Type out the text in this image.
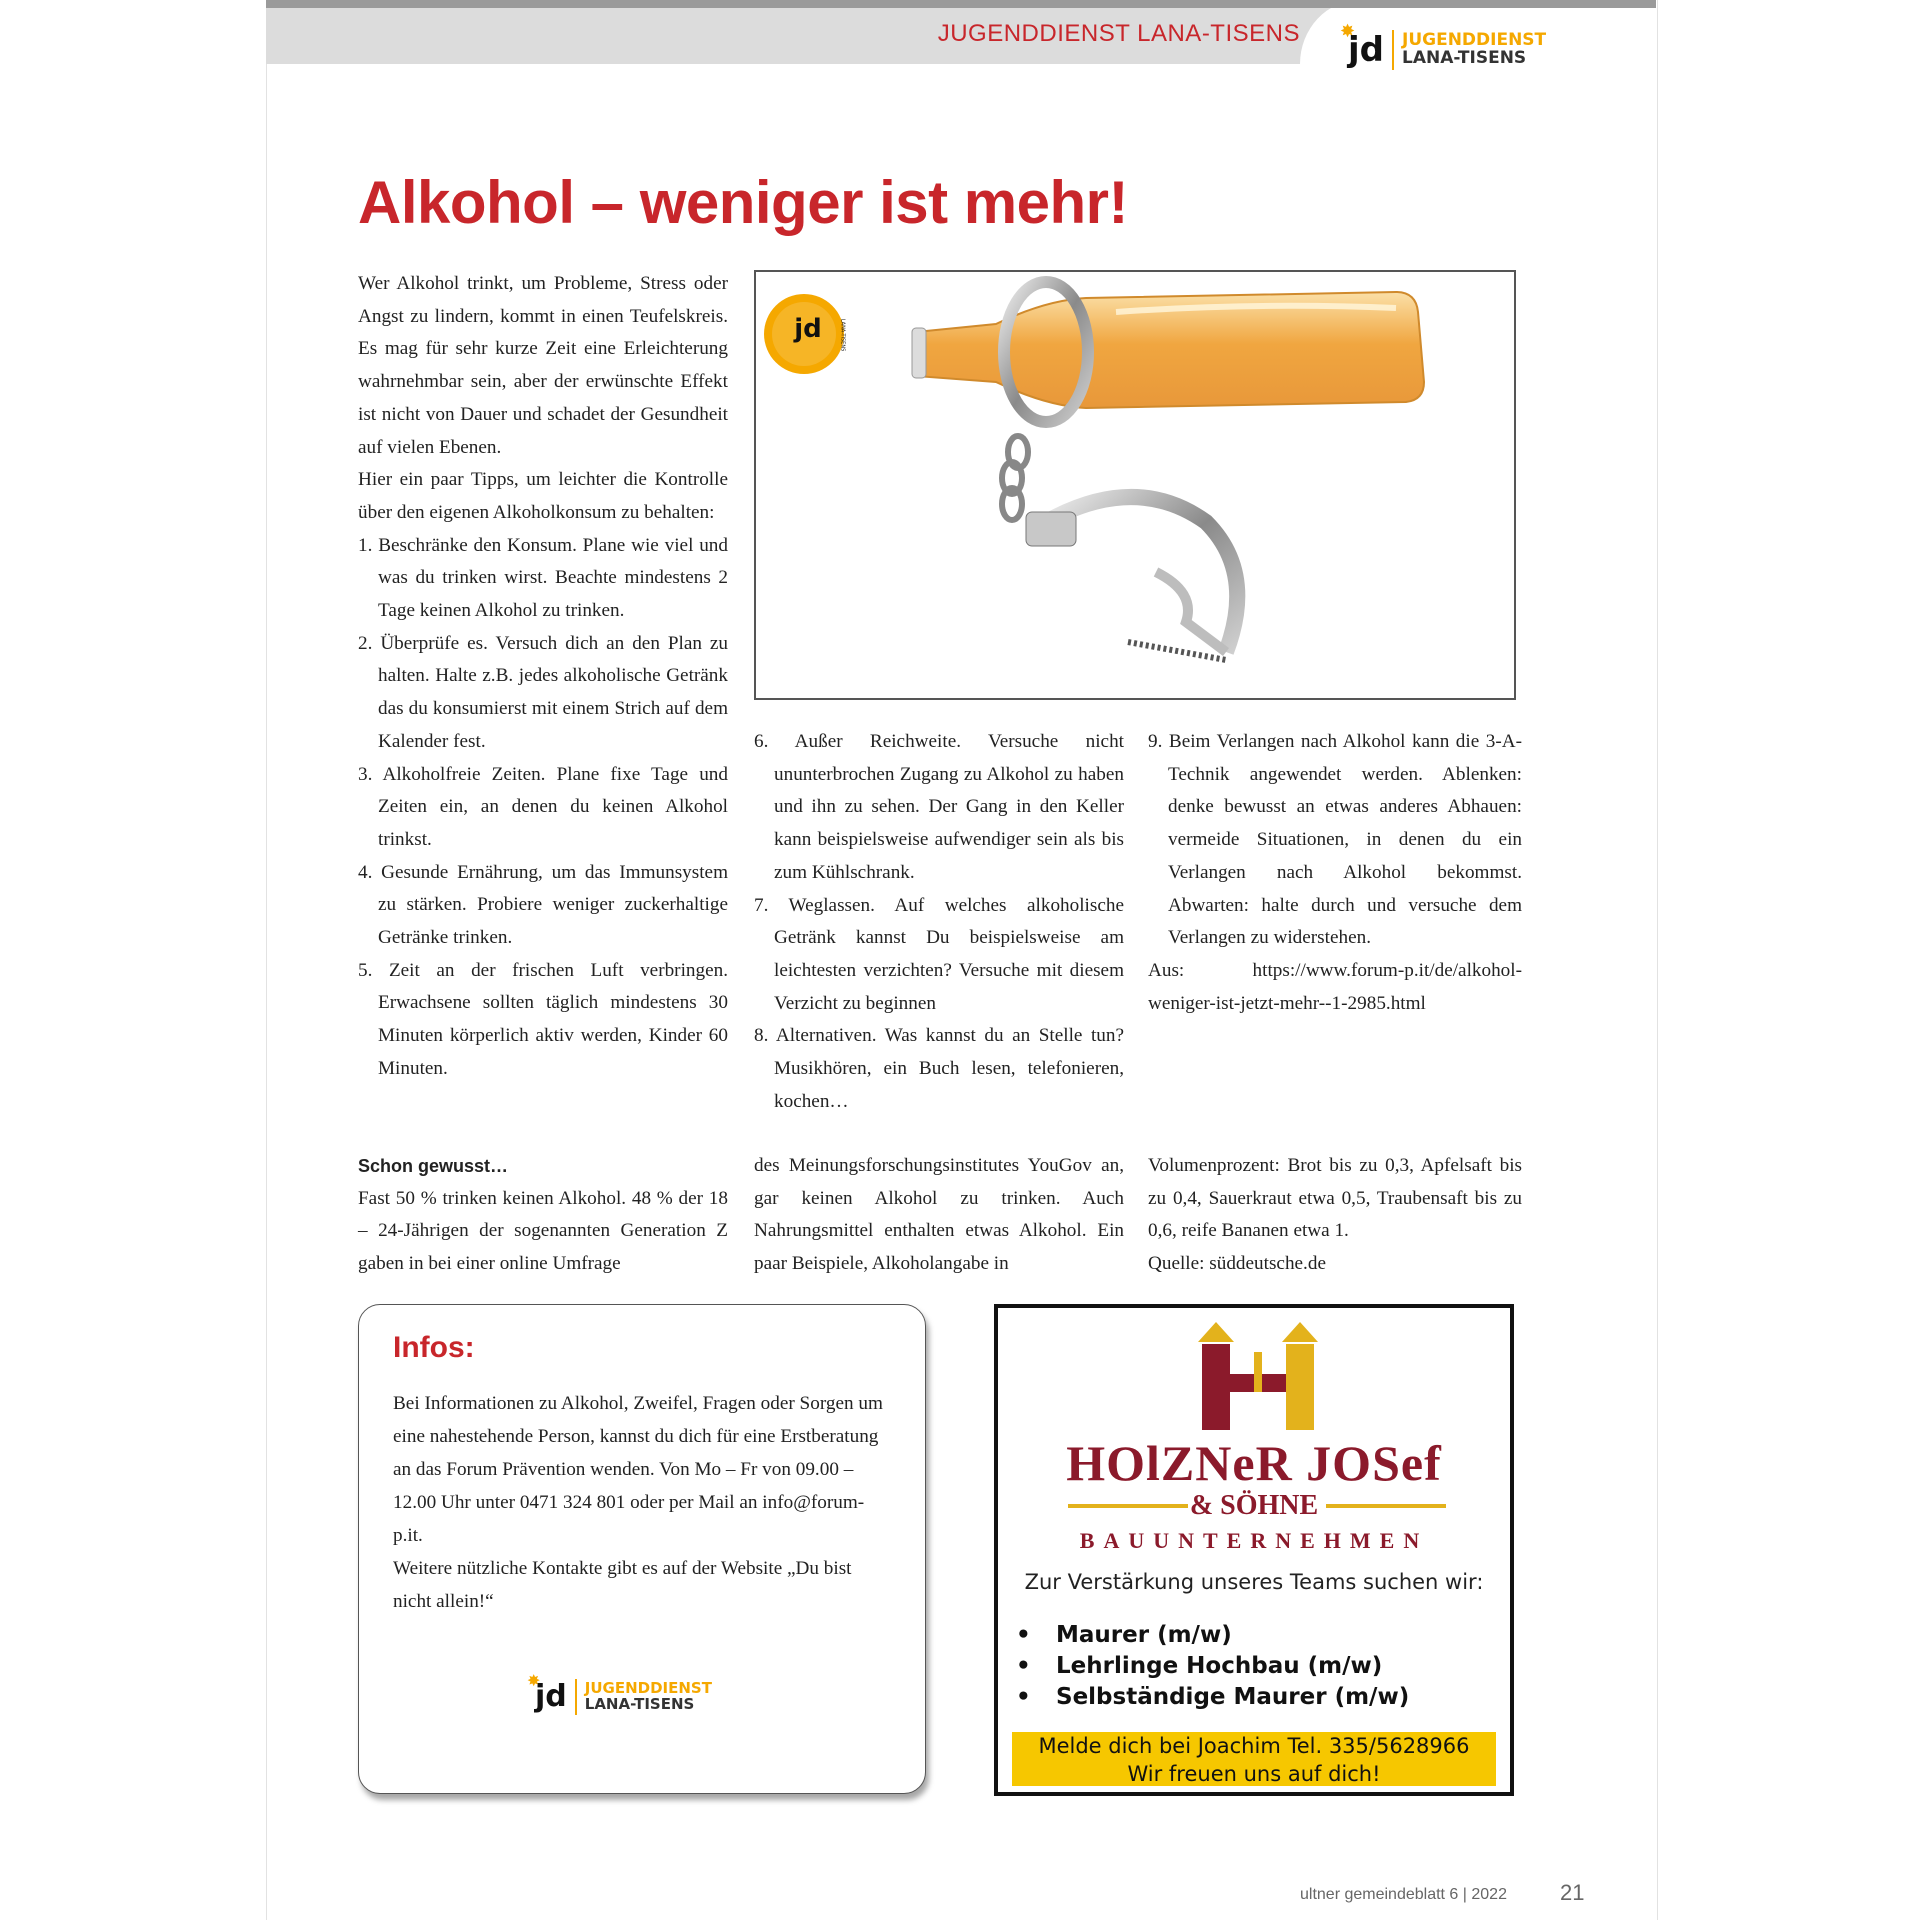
JUGENDDIENST LANA-TISENS ✸
jd JUGENDDIENST
LANA-TISENS
Alkohol – weniger ist mehr!

Wer Alkohol trinkt, um Probleme, Stress oder Angst zu lindern, kommt in einen Teufelskreis. Es mag für sehr kurze Zeit eine Erleichterung wahrnehmbar sein, aber der erwünschte Effekt ist nicht von Dauer und schadet der Gesundheit auf vielen Ebenen.

Hier ein paar Tipps, um leichter die Kontrolle über den eigenen Alkoholkonsum zu behalten:

1. Beschränke den Konsum. Plane wie viel und was du trinken wirst. Beachte mindestens 2 Tage keinen Alkohol zu trinken.

2. Überprüfe es. Versuch dich an den Plan zu halten. Halte z.B. jedes alkoholische Getränk das du konsumierst mit einem Strich auf dem Kalender fest.

3. Alkoholfreie Zeiten. Plane fixe Tage und Zeiten ein, an denen du keinen Alkohol trinkst.

4. Gesunde Ernährung, um das Immunsystem zu stärken. Probiere weniger zuckerhaltige Getränke trinken.

5. Zeit an der frischen Luft verbringen. Erwachsene sollten täglich mindestens 30 Minuten körperlich aktiv werden, Kinder 60 Minuten.

jd	LANA-TISENS

6. Außer Reichweite. Versuche nicht ununterbrochen Zugang zu Alkohol zu haben und ihn zu sehen. Der Gang in den Keller kann beispielsweise aufwendiger sein als bis zum Kühlschrank.

7. Weglassen. Auf welches alkoholische Getränk kannst Du beispielsweise am leichtesten verzichten? Versuche mit diesem Verzicht zu beginnen

8. Alternativen. Was kannst du an Stelle tun? Musikhören, ein Buch lesen, telefonieren, kochen…

9. Beim Verlangen nach Alkohol kann die 3-A-Technik angewendet werden. Ablenken: denke bewusst an etwas anderes Abhauen: vermeide Situationen, in denen du ein Verlangen nach Alkohol bekommst. Abwarten: halte durch und versuche dem Verlangen zu widerstehen.

Aus: https://www.forum-p.it/de/alkohol-weniger-ist-jetzt-mehr--1-2985.html

Schon gewusst…

Fast 50 % trinken keinen Alkohol. 48 % der 18 – 24-Jährigen der sogenannten Generation Z gaben in bei einer online Umfrage

des Meinungsforschungsinstitutes YouGov an, gar keinen Alkohol zu trinken. Auch Nahrungsmittel enthalten etwas Alkohol. Ein paar Beispiele, Alkoholangabe in

Volumenprozent: Brot bis zu 0,3, Apfelsaft bis zu 0,4, Sauerkraut etwa 0,5, Traubensaft bis zu 0,6, reife Bananen etwa 1.

Quelle: süddeutsche.de

Infos:
Bei Informationen zu Alkohol, Zweifel, Fragen oder Sorgen um eine nahestehende Person, kannst du dich für eine Erstberatung an das Forum Prävention wenden. Von Mo – Fr von 09.00 – 12.00 Uhr unter 0471 324 801 oder per Mail an info@forum-p.it.
Weitere nützliche Kontakte gibt es auf der Website „Du bist nicht allein!“
✸
jd JUGENDDIENST
LANA-TISENS
HOlZNeR JOSef
& SÖHNE
BAUUNTERNEHMEN
Zur Verstärkung unseres Teams suchen wir:
• Maurer (m/w)
• Lehrlinge Hochbau (m/w)
• Selbständige Maurer (m/w)
Melde dich bei Joachim Tel. 335/5628966
Wir freuen uns auf dich!
ultner gemeindeblatt 6 | 2022 21
